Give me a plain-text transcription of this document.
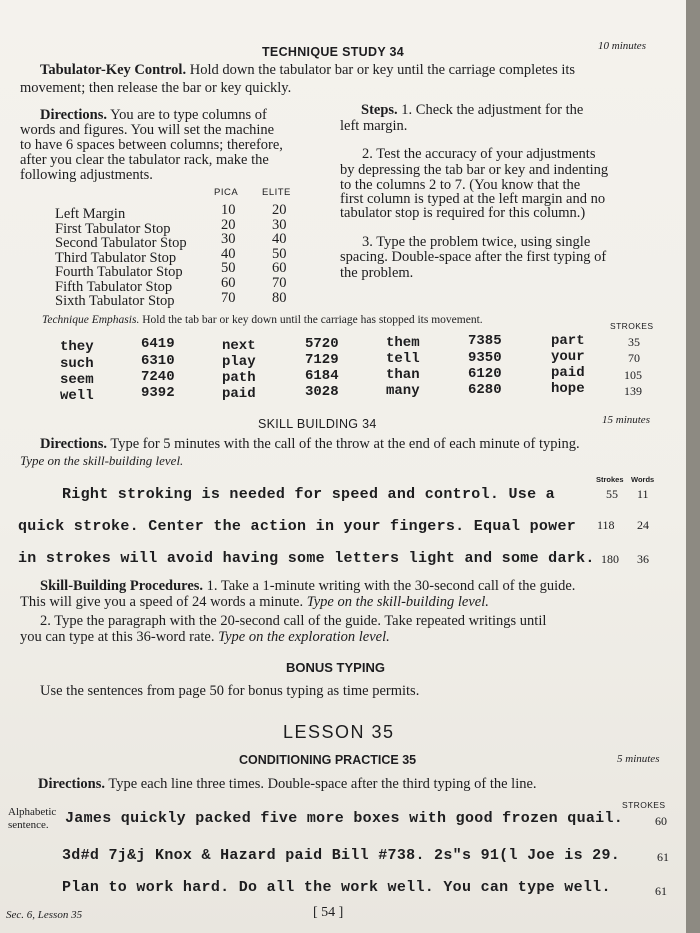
TECHNIQUE STUDY 34	10 minutes
Tabulator-Key Control. Hold down the tabulator bar or key until the carriage completes its
movement; then release the bar or key quickly.
Directions. You are to type columns of
words and figures. You will set the machine
to have 6 spaces between columns; therefore,
after you clear the tabulator rack, make the
following adjustments.
PICA	ELITE
Left Margin	10	20
First Tabulator Stop	20	30
Second Tabulator Stop 30	40
Third Tabulator Stop	40	50
Fourth Tabulator Stop	50	60
Fifth Tabulator Stop	60	70
Sixth Tabulator Stop	70	80
Steps. 1. Check the adjustment for the
left margin.
2. Test the accuracy of your adjustments
by depressing the tab bar or key and indenting
to the columns 2 to 7. (You know that the
first column is typed at the left margin and no
tabulator stop is required for this column.)
3. Type the problem twice, using single
spacing. Double-space after the first typing of
the problem.
Technique Emphasis. Hold the tab bar or key down until the carriage has stopped its movement.	STROKES
they	6419	next	5720	them	7385	part	35
such	6310	play	7129	tell	9350	your	70
seem	7240	path	6184	than	6120	paid	105
well	9392	paid	3028	many	6280	hope	139
SKILL BUILDING 34	15 minutes
Directions. Type for 5 minutes with the call of the throw at the end of each minute of typing.
Type on the skill-building level.
Strokes Words
Right stroking is needed for speed and control. Use a	55 11
quick stroke. Center the action in your fingers. Equal power 118 24
in strokes will avoid having some letters light and some dark. 180 36
Skill-Building Procedures. 1. Take a 1-minute writing with the 30-second call of the guide.
This will give you a speed of 24 words a minute. Type on the skill-building level.
2. Type the paragraph with the 20-second call of the guide. Take repeated writings until
you can type at this 36-word rate. Type on the exploration level.
BONUS TYPING
Use the sentences from page 50 for bonus typing as time permits.
LESSON 35
CONDITIONING PRACTICE 35	5 minutes
Directions. Type each line three times. Double-space after the third typing of the line.
STROKES
Alphabetic
sentence. James quickly packed five more boxes with good frozen quail.	60
3d#d 7j&j Knox & Hazard paid Bill #738. 2s"s 91(l Joe is 29.	61
Plan to work hard. Do all the work well. You can type well.	61
Sec. 6, Lesson 35	[ 54 ]
